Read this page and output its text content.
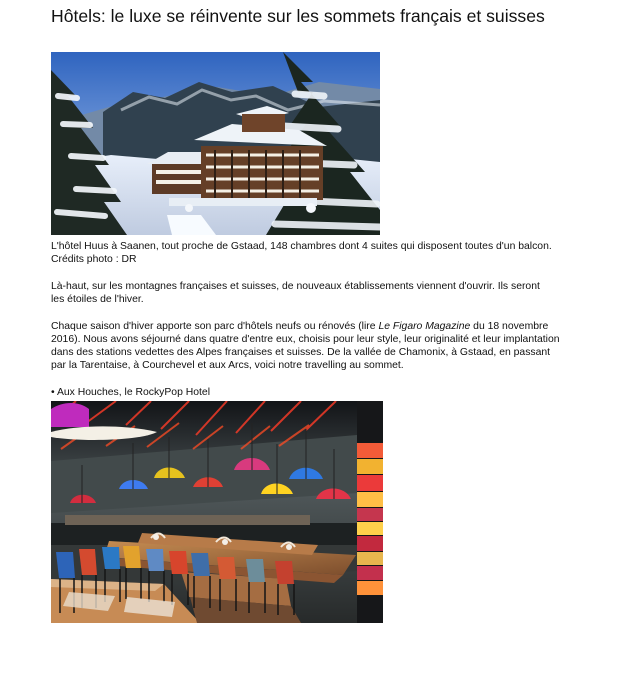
Hôtels: le luxe se réinvente sur les sommets français et suisses

L'hôtel Huus à Saanen, tout proche de Gstaad, 148 chambres dont 4 suites qui disposent toutes d'un balcon.
Crédits photo : DR

Là-haut, sur les montagnes françaises et suisses, de nouveaux établissements viennent d'ouvrir. Ils seront
les étoiles de l'hiver.

Chaque saison d'hiver apporte son parc d'hôtels neufs ou rénovés (lire Le Figaro Magazine du 18 novembre
2016). Nous avons séjourné dans quatre d'entre eux, choisis pour leur style, leur originalité et leur implantation
dans des stations vedettes des Alpes françaises et suisses. De la vallée de Chamonix, à Gstaad, en passant
par la Tarentaise, à Courchevel et aux Arcs, voici notre travelling au sommet.

• Aux Houches, le RockyPop Hotel
